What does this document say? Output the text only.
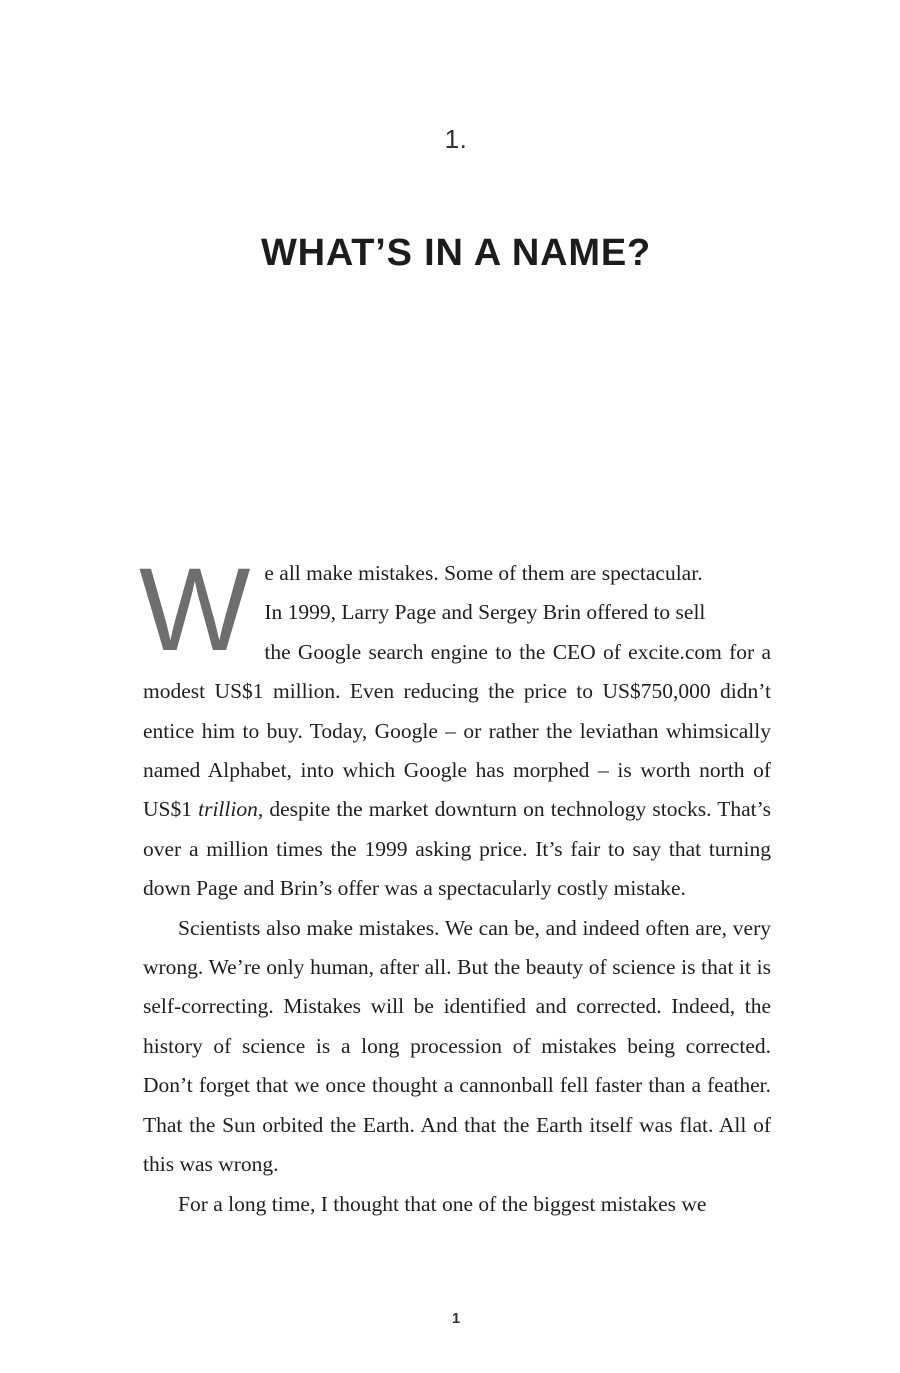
1.
WHAT’S IN A NAME?

W e all make mistakes. Some of them are spectacular.
In 1999, Larry Page and Sergey Brin offered to sell
the Google search engine to the CEO of excite.com for a modest US$1 million. Even reducing the price to US$750,000 didn’t entice him to buy. Today, Google – or rather the leviathan whimsically named Alphabet, into which Google has morphed – is worth north of US$1 trillion, despite the market downturn on technology stocks. That’s over a million times the 1999 asking price. It’s fair to say that turning down Page and Brin’s offer was a spectacularly costly mistake.

Scientists also make mistakes. We can be, and indeed often are, very wrong. We’re only human, after all. But the beauty of science is that it is self-correcting. Mistakes will be identified and corrected. Indeed, the history of science is a long procession of mistakes being corrected. Don’t forget that we once thought a cannonball fell faster than a feather. That the Sun orbited the Earth. And that the Earth itself was flat. All of this was wrong.

For a long time, I thought that one of the biggest mistakes we

1
